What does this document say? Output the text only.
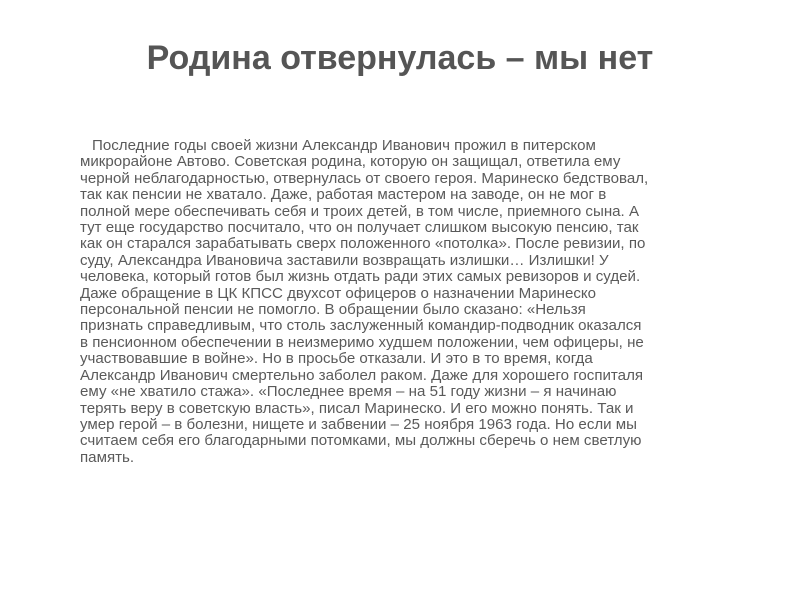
Родина отвернулась – мы нет

Последние годы своей жизни Александр Иванович прожил в питерском
микрорайоне Автово. Советская родина, которую он защищал, ответила ему
черной неблагодарностью, отвернулась от своего героя. Маринеско бедствовал,
так как пенсии не хватало. Даже, работая мастером на заводе, он не мог в
полной мере обеспечивать себя и троих детей, в том числе, приемного сына. А
тут еще государство посчитало, что он получает слишком высокую пенсию, так
как он старался зарабатывать сверх положенного «потолка». После ревизии, по
суду, Александра Ивановича заставили возвращать излишки… Излишки! У
человека, который готов был жизнь отдать ради этих самых ревизоров и судей.
Даже обращение в ЦК КПСС двухсот офицеров о назначении Маринеско
персональной пенсии не помогло. В обращении было сказано: «Нельзя
признать справедливым, что столь заслуженный командир-подводник оказался
в пенсионном обеспечении в неизмеримо худшем положении, чем офицеры, не
участвовавшие в войне». Но в просьбе отказали. И это в то время, когда
Александр Иванович смертельно заболел раком. Даже для хорошего госпиталя
ему «не хватило стажа». «Последнее время – на 51 году жизни – я начинаю
терять веру в советскую власть», писал Маринеско. И его можно понять. Так и
умер герой – в болезни, нищете и забвении – 25 ноября 1963 года. Но если мы
считаем себя его благодарными потомками, мы должны сберечь о нем светлую
память.
